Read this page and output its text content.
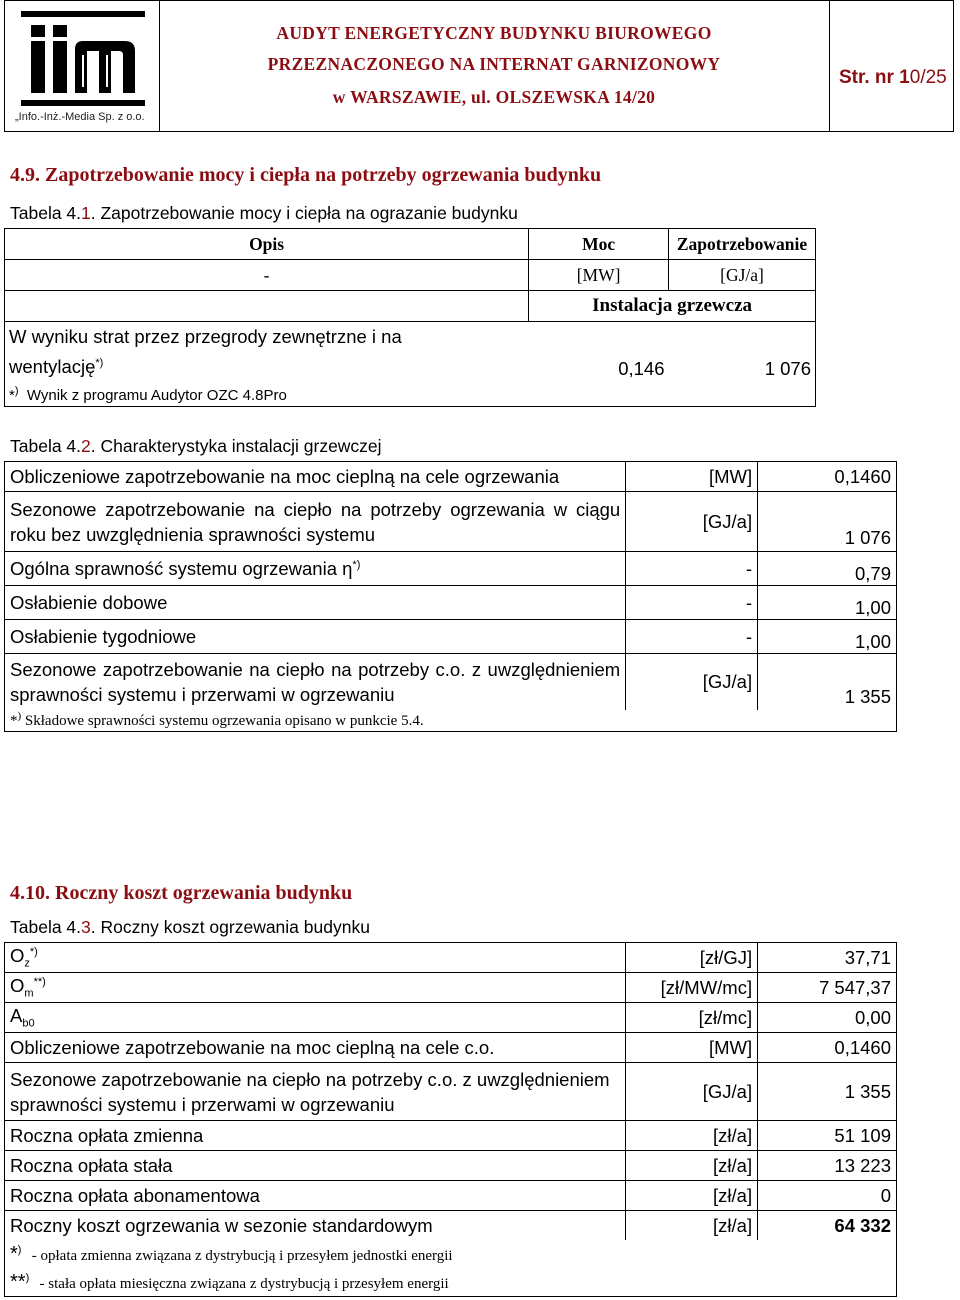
„Info.-Inż.-Media Sp. z o.o.
AUDYT ENERGETYCZNY BUDYNKU BIUROWEGO
PRZEZNACZONEGO NA INTERNAT GARNIZONOWY
w WARSZAWIE, ul. OLSZEWSKA 14/20
Str. nr 10/25
4.9. Zapotrzebowanie mocy i ciepła na potrzeby ogrzewania budynku
Tabela 4.1. Zapotrzebowanie mocy i ciepła na ograzanie budynku
Opis	Moc	Zapotrzebowanie
-	[MW]	[GJ/a]
	Instalacja grzewcza	
W wyniku strat przez przegrody zewnętrzne i na
wentylację*)	0,146	1 076
*) Wynik z programu Audytor OZC 4.8Pro		
Tabela 4.2. Charakterystyka instalacji grzewczej
Obliczeniowe zapotrzebowanie na moc cieplną na cele ogrzewania	[MW]	0,1460
Sezonowe zapotrzebowanie na ciepło na potrzeby ogrzewania w ciągu roku bez uwzględnienia sprawności systemu	[GJ/a]	1 076
Ogólna sprawność systemu ogrzewania η*)	-	0,79
Osłabienie dobowe	-	1,00
Osłabienie tygodniowe	-	1,00
Sezonowe zapotrzebowanie na ciepło na potrzeby c.o. z uwzględnieniem sprawności systemu i przerwami w ogrzewaniu	[GJ/a]	1 355
*) Składowe sprawności systemu ogrzewania opisano w punkcie 5.4.		
4.10. Roczny koszt ogrzewania budynku
Tabela 4.3. Roczny koszt ogrzewania budynku
$O_z^{*)}$	[zł/GJ]	37,71
$O_m^{**)}$	[zł/MW/mc]	7 547,37
$A_{b0}$	[zł/mc]	0,00
Obliczeniowe zapotrzebowanie na moc cieplną na cele c.o.	[MW]	0,1460
Sezonowe zapotrzebowanie na ciepło na potrzeby c.o. z uwzględnieniem sprawności systemu i przerwami w ogrzewaniu	[GJ/a]	1 355
Roczna opłata zmienna	[zł/a]	51 109
Roczna opłata stała	[zł/a]	13 223
Roczna opłata abonamentowa	[zł/a]	0
Roczny koszt ogrzewania w sezonie standardowym	[zł/a]	64 332
*) - opłata zmienna związana z dystrybucją i przesyłem jednostki energii		
**) - stała opłata miesięczna związana z dystrybucją i przesyłem energii		
